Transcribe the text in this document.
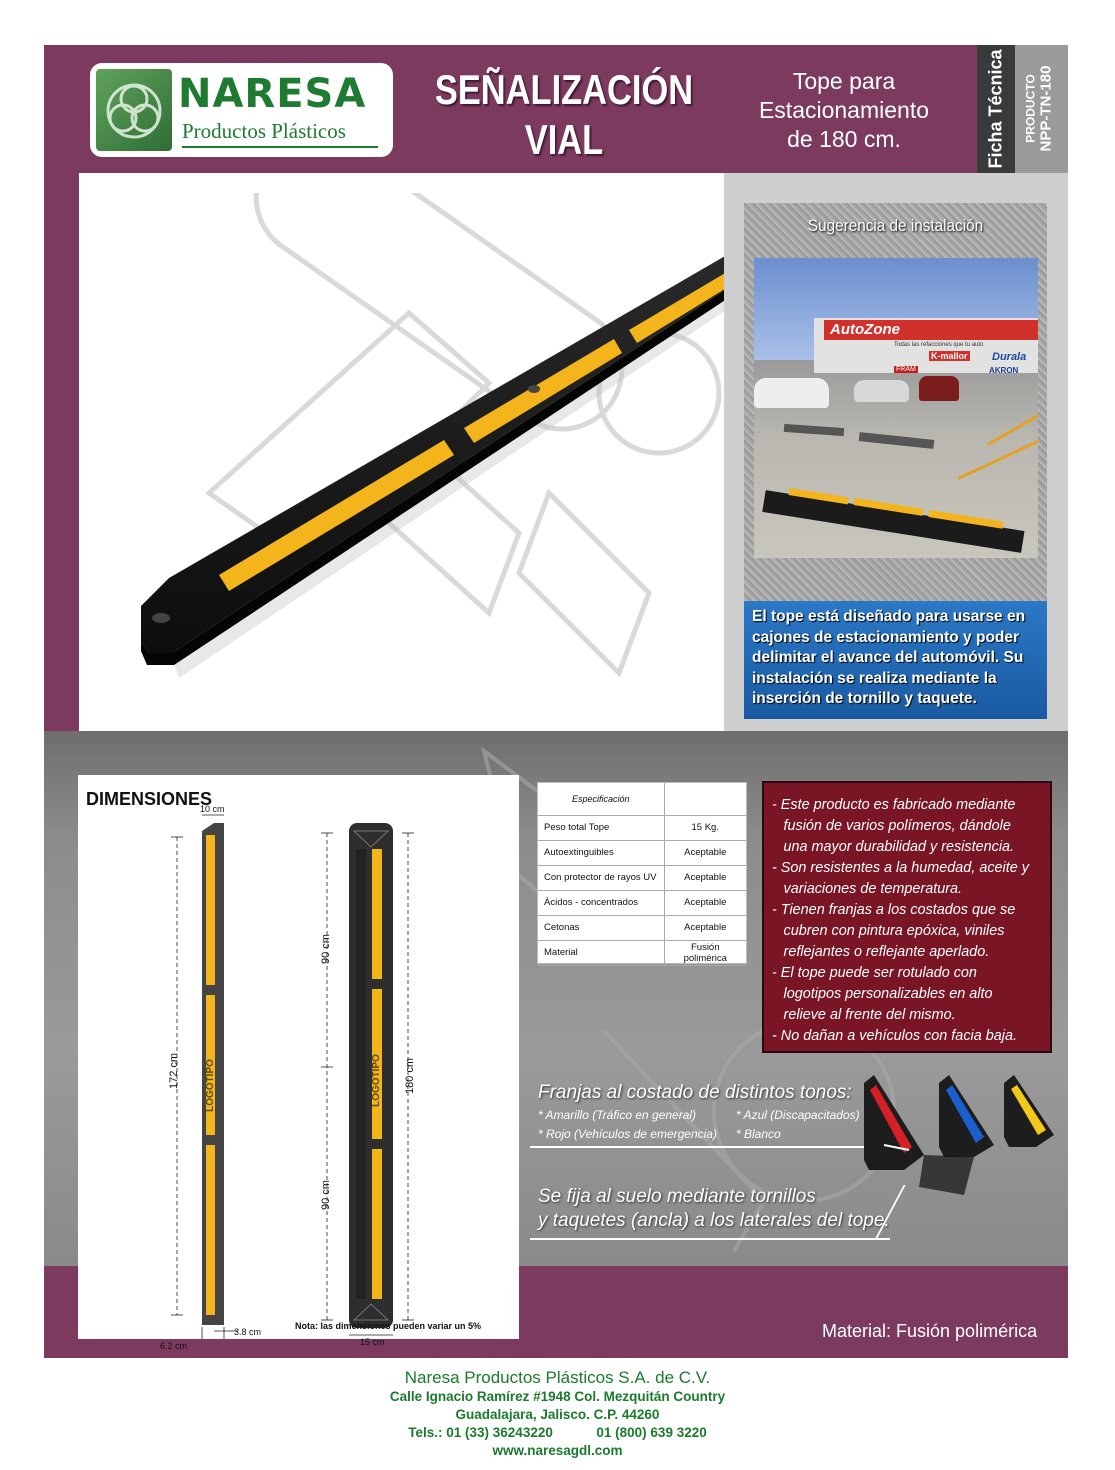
NARESA
Productos Plásticos
SEÑALIZACIÓN
VIAL
Tope para
Estacionamiento
de 180 cm.	Ficha Técnica PRODUCTO NPP-TN-180
Sugerencia de instalación
AutoZone
Todas las refacciones que tu auto
K-mallor Durala
FRAM	AKRON

El tope está diseñado para usarse en cajones de estacionamiento y poder delimitar el avance del automóvil. Su instalación se realiza mediante la inserción de tornillo y taquete.

DIMENSIONES
10 cm
172 cm
6.2 cm
3.8 cm
90 cm
90 cm
180 cm
15 cm
LOGOTIPO	LOGOTIPO
Nota: las dimensiones pueden variar un 5%
Especificación	
Peso total Tope	15 Kg.
Autoextinguibles	Aceptable
Con protector de rayos UV	Aceptable
Ácidos - concentrados	Aceptable
Cetonas	Aceptable
Material	Fusión polimérica
- Este producto es fabricado mediante fusión de varios polímeros, dándole una mayor durabilidad y resistencia.
- Son resistentes a la humedad, aceite y variaciones de temperatura.
- Tienen franjas a los costados que se cubren con pintura epóxica, viniles reflejantes o reflejante aperlado.
- El tope puede ser rotulado con logotipos personalizables en alto relieve al frente del mismo.
- No dañan a vehículos con facia baja.
Franjas al costado de distintos tonos:
* Amarillo (Tráfico en general)	* Azul (Discapacitados)
* Rojo (Vehículos de emergencia) * Blanco
Se fija al suelo mediante tornillos
y taquetes (ancla) a los laterales del tope.
Material: Fusión polimérica
Naresa Productos Plásticos S.A. de C.V.
Calle Ignacio Ramírez #1948 Col. Mezquitán Country
Guadalajara, Jalisco. C.P. 44260
Tels.: 01 (33) 36243220	01 (800) 639 3220
www.naresagdl.com
